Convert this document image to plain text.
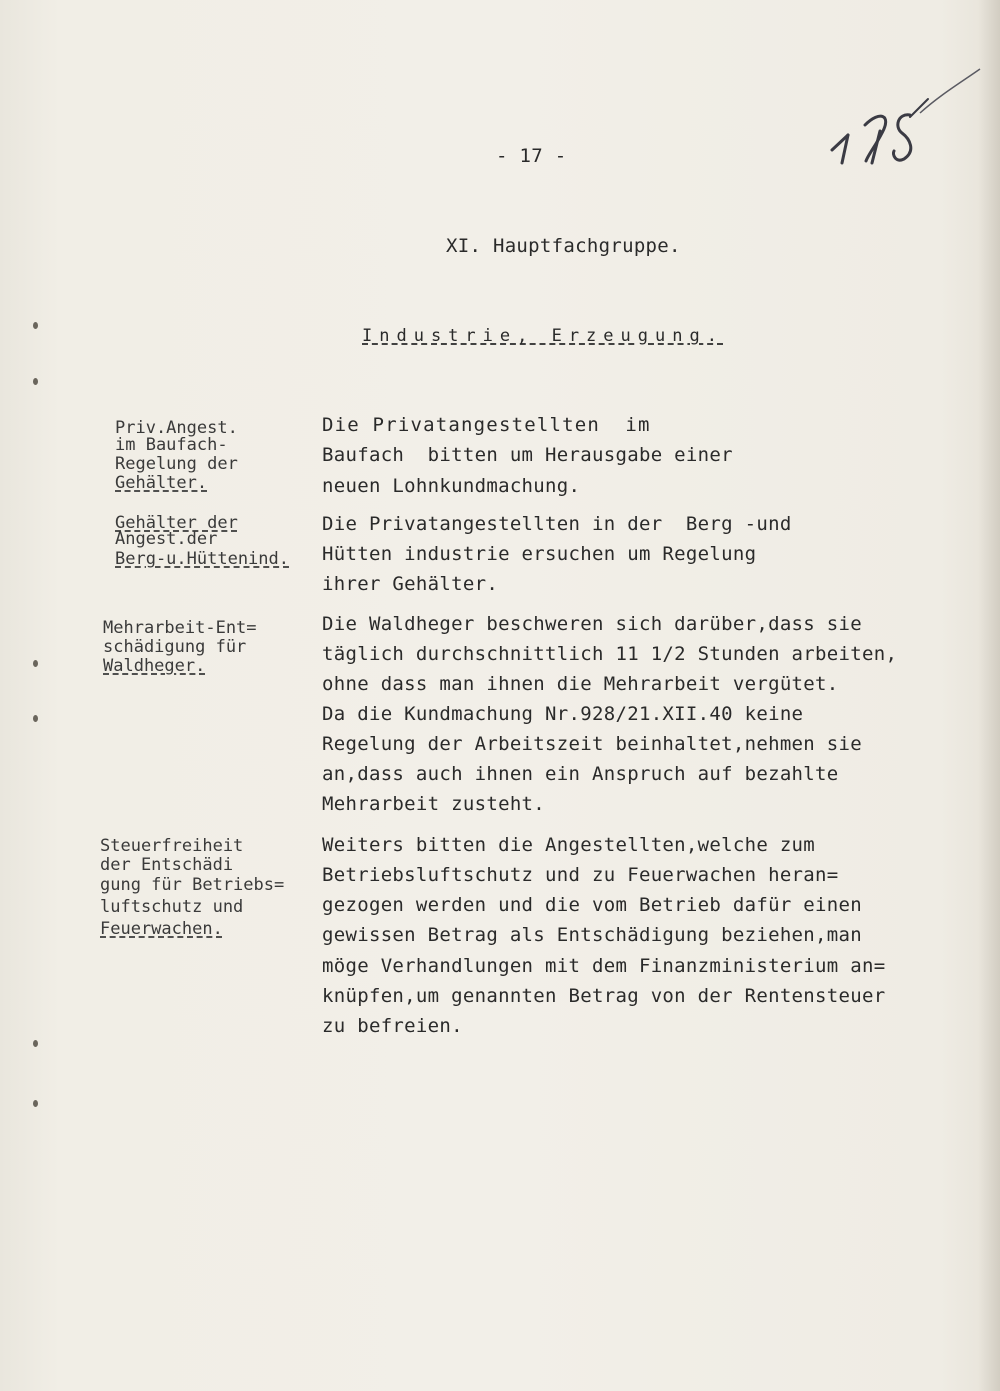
- 17 -
XI. Hauptfachgruppe.
Industrie, Erzeugung.
Priv.Angest.
im Baufach-
Regelung der
Gehälter.
Die Privatangestellten  im
Baufach  bitten um Herausgabe einer
neuen Lohnkundmachung.
Gehälter der
Angest.der
Berg-u.Hüttenind.
Die Privatangestellten in der  Berg -und
Hütten industrie ersuchen um Regelung
ihrer Gehälter.
Mehrarbeit-Ent=
schädigung für
Waldheger.
Die Waldheger beschweren sich darüber,dass sie
täglich durchschnittlich 11 1/2 Stunden arbeiten,
ohne dass man ihnen die Mehrarbeit vergütet.
Da die Kundmachung Nr.928/21.XII.40 keine
Regelung der Arbeitszeit beinhaltet,nehmen sie
an,dass auch ihnen ein Anspruch auf bezahlte
Mehrarbeit zusteht.
Steuerfreiheit
der Entschädi
gung für Betriebs=
luftschutz und
Feuerwachen.
Weiters bitten die Angestellten,welche zum
Betriebsluftschutz und zu Feuerwachen heran=
gezogen werden und die vom Betrieb dafür einen
gewissen Betrag als Entschädigung beziehen,man
möge Verhandlungen mit dem Finanzministerium an=
knüpfen,um genannten Betrag von der Rentensteuer
zu befreien.
